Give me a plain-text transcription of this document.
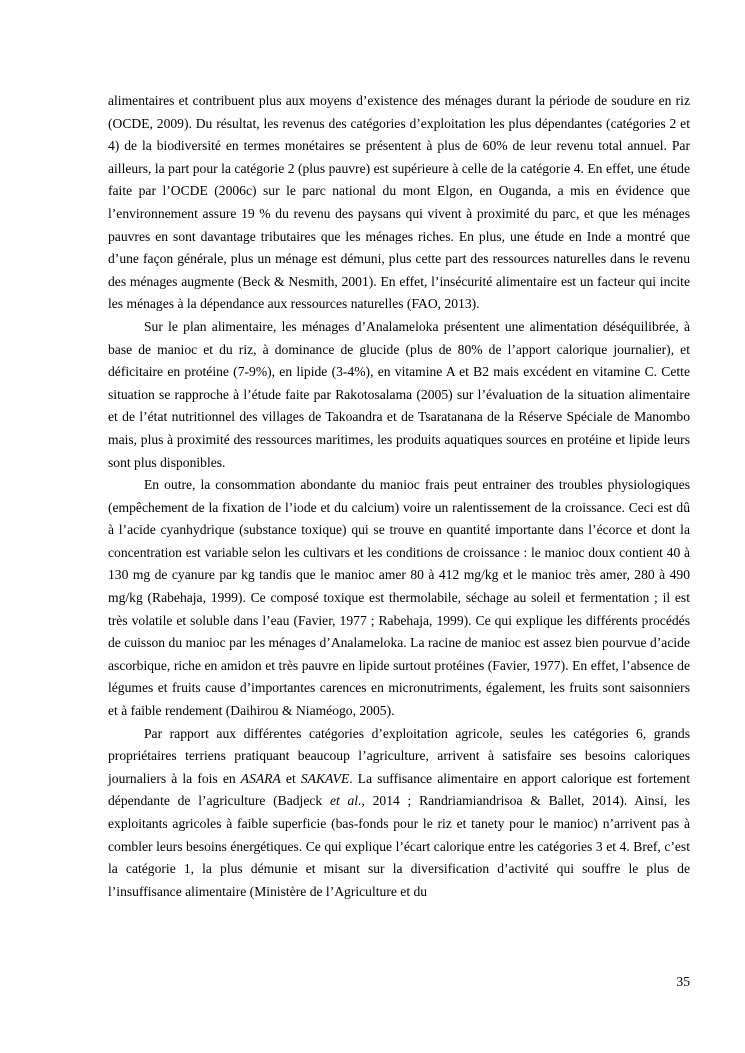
alimentaires et contribuent plus aux moyens d’existence des ménages durant la période de soudure en riz (OCDE, 2009). Du résultat, les revenus des catégories d’exploitation les plus dépendantes (catégories 2 et 4) de la biodiversité en termes monétaires se présentent à plus de 60% de leur revenu total annuel. Par ailleurs, la part pour la catégorie 2 (plus pauvre) est supérieure à celle de la catégorie 4. En effet, une étude faite par l’OCDE (2006c) sur le parc national du mont Elgon, en Ouganda, a mis en évidence que l’environnement assure 19 % du revenu des paysans qui vivent à proximité du parc, et que les ménages pauvres en sont davantage tributaires que les ménages riches. En plus, une étude en Inde a montré que d’une façon générale, plus un ménage est démuni, plus cette part des ressources naturelles dans le revenu des ménages augmente (Beck & Nesmith, 2001). En effet, l’insécurité alimentaire est un facteur qui incite les ménages à la dépendance aux ressources naturelles (FAO, 2013).

Sur le plan alimentaire, les ménages d’Analameloka présentent une alimentation déséquilibrée, à base de manioc et du riz, à dominance de glucide (plus de 80% de l’apport calorique journalier), et déficitaire en protéine (7-9%), en lipide (3-4%), en vitamine A et B2 mais excédent en vitamine C. Cette situation se rapproche à l’étude faite par Rakotosalama (2005) sur l’évaluation de la situation alimentaire et de l’état nutritionnel des villages de Takoandra et de Tsaratanana de la Réserve Spéciale de Manombo mais, plus à proximité des ressources maritimes, les produits aquatiques sources en protéine et lipide leurs sont plus disponibles.

En outre, la consommation abondante du manioc frais peut entrainer des troubles physiologiques (empêchement de la fixation de l’iode et du calcium) voire un ralentissement de la croissance. Ceci est dû à l’acide cyanhydrique (substance toxique) qui se trouve en quantité importante dans l’écorce et dont la concentration est variable selon les cultivars et les conditions de croissance : le manioc doux contient 40 à 130 mg de cyanure par kg tandis que le manioc amer 80 à 412 mg/kg et le manioc très amer, 280 à 490 mg/kg (Rabehaja, 1999). Ce composé toxique est thermolabile, séchage au soleil et fermentation ; il est très volatile et soluble dans l’eau (Favier, 1977 ; Rabehaja, 1999). Ce qui explique les différents procédés de cuisson du manioc par les ménages d’Analameloka. La racine de manioc est assez bien pourvue d’acide ascorbique, riche en amidon et très pauvre en lipide surtout protéines (Favier, 1977). En effet, l’absence de légumes et fruits cause d’importantes carences en micronutriments, également, les fruits sont saisonniers et à faible rendement (Daihirou & Niaméogo, 2005).

Par rapport aux différentes catégories d’exploitation agricole, seules les catégories 6, grands propriétaires terriens pratiquant beaucoup l’agriculture, arrivent à satisfaire ses besoins caloriques journaliers à la fois en ASARA et SAKAVE. La suffisance alimentaire en apport calorique est fortement dépendante de l’agriculture (Badjeck et al., 2014 ; Randriamiandrisoa & Ballet, 2014). Ainsi, les exploitants agricoles à faible superficie (bas-fonds pour le riz et tanety pour le manioc) n’arrivent pas à combler leurs besoins énergétiques. Ce qui explique l’écart calorique entre les catégories 3 et 4. Bref, c’est la catégorie 1, la plus démunie et misant sur la diversification d’activité qui souffre le plus de l’insuffisance alimentaire (Ministère de l’Agriculture et du

35
